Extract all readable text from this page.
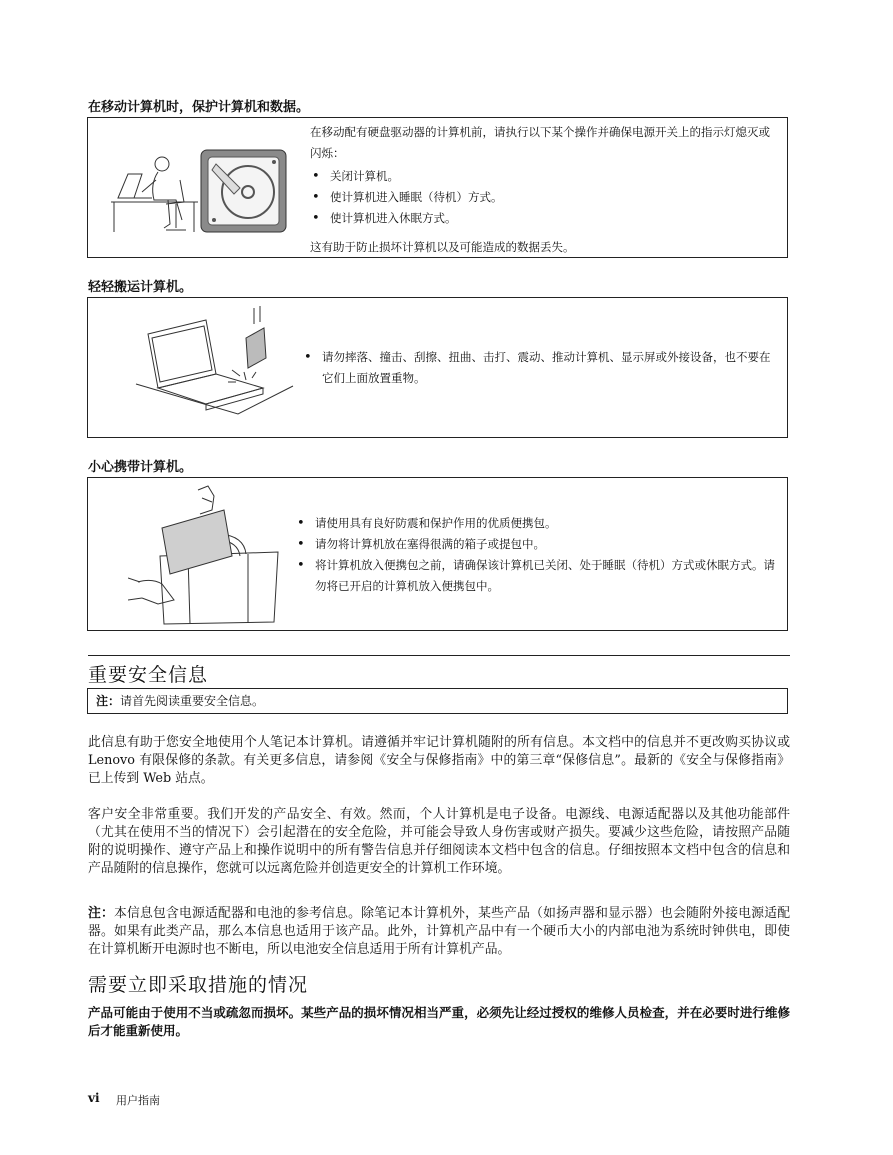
在移动计算机时，保护计算机和数据。
在移动配有硬盘驱动器的计算机前，请执行以下某个操作并确保电源开关上的指示灯熄灭或闪烁：
• 关闭计算机。
• 使计算机进入睡眠（待机）方式。
• 使计算机进入休眠方式。
这有助于防止损坏计算机以及可能造成的数据丢失。
轻轻搬运计算机。
• 请勿摔落、撞击、刮擦、扭曲、击打、震动、推动计算机、显示屏或外接设备，也不要在它们上面放置重物。
小心携带计算机。
• 请使用具有良好防震和保护作用的优质便携包。
• 请勿将计算机放在塞得很满的箱子或提包中。
• 将计算机放入便携包之前，请确保该计算机已关闭、处于睡眠（待机）方式或休眠方式。请勿将已开启的计算机放入便携包中。
重要安全信息
注：请首先阅读重要安全信息。
此信息有助于您安全地使用个人笔记本计算机。请遵循并牢记计算机随附的所有信息。本文档中的信息并不更改购买协议或 Lenovo 有限保修的条款。有关更多信息，请参阅《安全与保修指南》中的第三章“保修信息”。最新的《安全与保修指南》已上传到 Web 站点。
客户安全非常重要。我们开发的产品安全、有效。然而，个人计算机是电子设备。电源线、电源适配器以及其他功能部件（尤其在使用不当的情况下）会引起潜在的安全危险，并可能会导致人身伤害或财产损失。要减少这些危险，请按照产品随附的说明操作、遵守产品上和操作说明中的所有警告信息并仔细阅读本文档中包含的信息。仔细按照本文档中包含的信息和产品随附的信息操作，您就可以远离危险并创造更安全的计算机工作环境。
注：本信息包含电源适配器和电池的参考信息。除笔记本计算机外，某些产品（如扬声器和显示器）也会随附外接电源适配器。如果有此类产品，那么本信息也适用于该产品。此外，计算机产品中有一个硬币大小的内部电池为系统时钟供电，即使在计算机断开电源时也不断电，所以电池安全信息适用于所有计算机产品。
需要立即采取措施的情况
产品可能由于使用不当或疏忽而损坏。某些产品的损坏情况相当严重，必须先让经过授权的维修人员检查，并在必要时进行维修后才能重新使用。
vi 用户指南
